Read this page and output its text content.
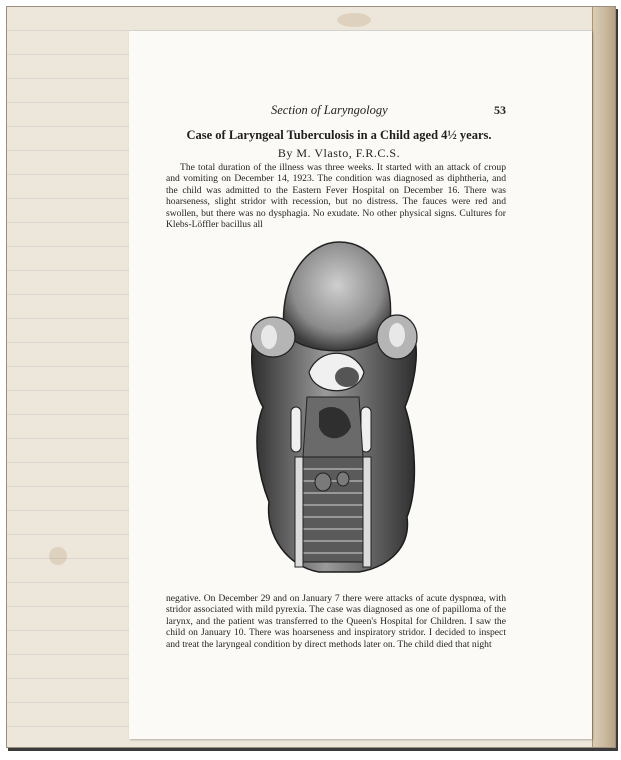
Section of Laryngology	53
Case of Laryngeal Tuberculosis in a Child aged 4½ years.
By M. Vlasto, F.R.C.S.

The total duration of the illness was three weeks. It started with an attack of croup and vomiting on December 14, 1923. The condition was diagnosed as diphtheria, and the child was admitted to the Eastern Fever Hospital on December 16. There was hoarseness, slight stridor with recession, but no distress. The fauces were red and swollen, but there was no dysphagia. No exudate. No other physical signs. Cultures for Klebs-Löffler bacillus all

negative. On December 29 and on January 7 there were attacks of acute dyspnœa, with stridor associated with mild pyrexia. The case was diagnosed as one of papilloma of the larynx, and the patient was transferred to the Queen's Hospital for Children. I saw the child on January 10. There was hoarseness and inspiratory stridor. I decided to inspect and treat the laryngeal condition by direct methods later on. The child died that night
